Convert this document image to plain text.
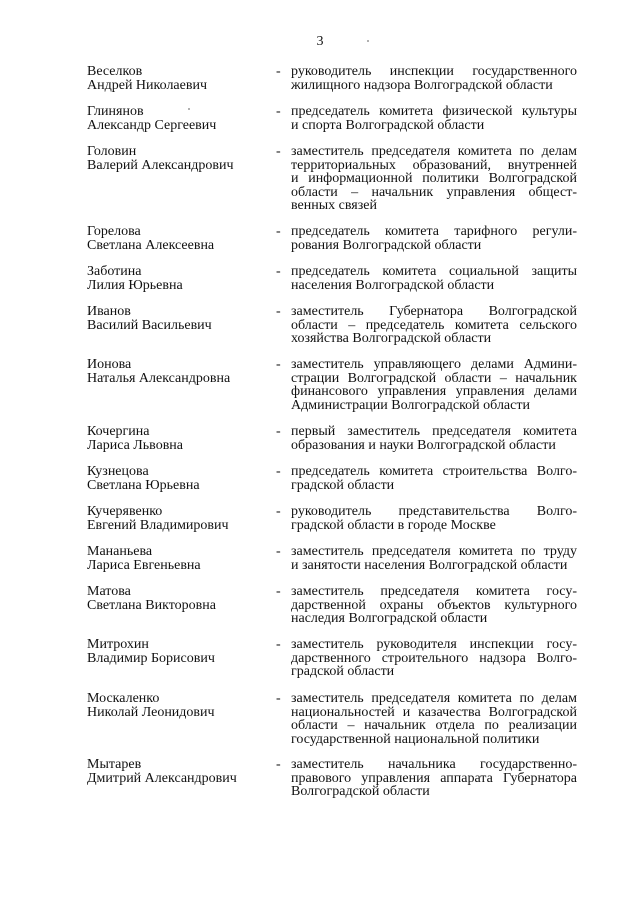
3
Веселков
Андрей Николаевич
- руководитель инспекции государственного
жилищного надзора Волгоградской области
Глинянов
Александр Сергеевич
- председатель комитета физической культуры
и спорта Волгоградской области
Головин
Валерий Александрович
- заместитель председателя комитета по делам
территориальных образований, внутренней
и информационной политики Волгоградской
области – начальник управления общест-
венных связей
Горелова
Светлана Алексеевна
- председатель комитета тарифного регули-
рования Волгоградской области
Заботина
Лилия Юрьевна
- председатель комитета социальной защиты
населения Волгоградской области
Иванов
Василий Васильевич
- заместитель Губернатора Волгоградской
области – председатель комитета сельского
хозяйства Волгоградской области
Ионова
Наталья Александровна
- заместитель управляющего делами Админи-
страции Волгоградской области – начальник
финансового управления управления делами
Администрации Волгоградской области
Кочергина
Лариса Львовна
- первый заместитель председателя комитета
образования и науки Волгоградской области
Кузнецова
Светлана Юрьевна
- председатель комитета строительства Волго-
градской области
Кучерявенко
Евгений Владимирович
- руководитель представительства Волго-
градской области в городе Москве
Мананьева
Лариса Евгеньевна
- заместитель председателя комитета по труду
и занятости населения Волгоградской области
Матова
Светлана Викторовна
- заместитель председателя комитета госу-
дарственной охраны объектов культурного
наследия Волгоградской области
Митрохин
Владимир Борисович
- заместитель руководителя инспекции госу-
дарственного строительного надзора Волго-
градской области
Москаленко
Николай Леонидович
- заместитель председателя комитета по делам
национальностей и казачества Волгоградской
области – начальник отдела по реализации
государственной национальной политики
Мытарев
Дмитрий Александрович
- заместитель начальника государственно-
правового управления аппарата Губернатора
Волгоградской области
